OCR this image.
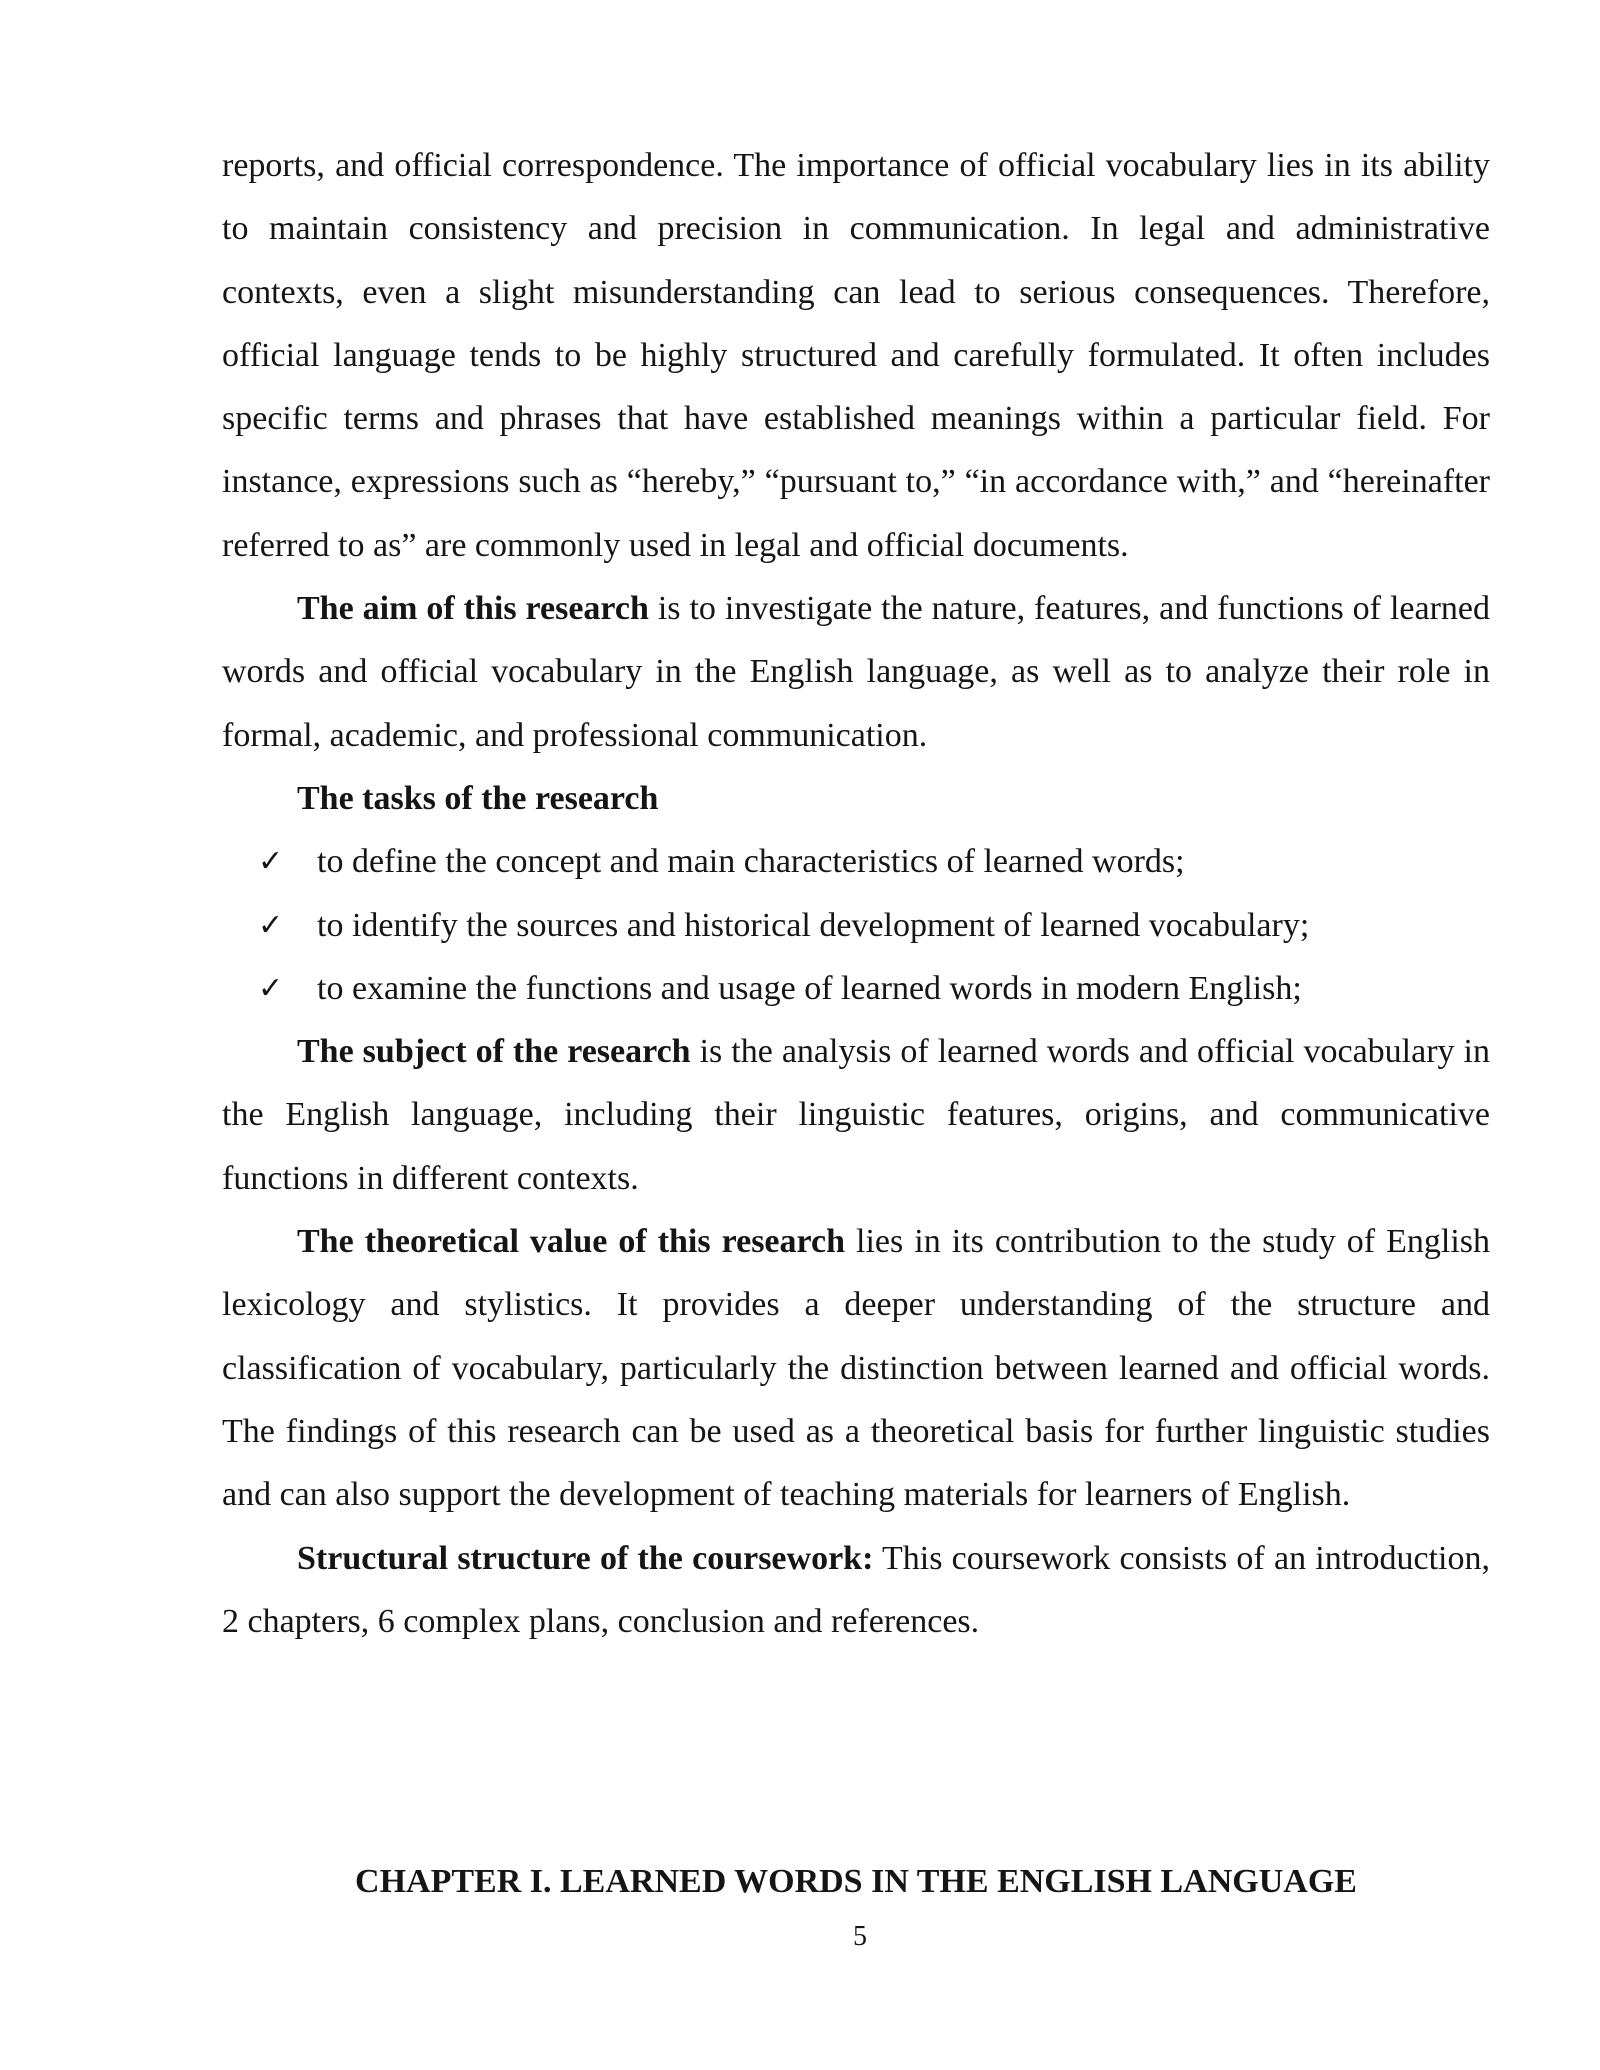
reports, and official correspondence. The importance of official vocabulary lies in its ability to maintain consistency and precision in communication. In legal and administrative contexts, even a slight misunderstanding can lead to serious consequences. Therefore, official language tends to be highly structured and carefully formulated. It often includes specific terms and phrases that have established meanings within a particular field. For instance, expressions such as “hereby,” “pursuant to,” “in accordance with,” and “hereinafter referred to as” are commonly used in legal and official documents.

The aim of this research is to investigate the nature, features, and functions of learned words and official vocabulary in the English language, as well as to analyze their role in formal, academic, and professional communication.

The tasks of the research

✓ to define the concept and main characteristics of learned words;
✓ to identify the sources and historical development of learned vocabulary;
✓ to examine the functions and usage of learned words in modern English;

The subject of the research is the analysis of learned words and official vocabulary in the English language, including their linguistic features, origins, and communicative functions in different contexts.

The theoretical value of this research lies in its contribution to the study of English lexicology and stylistics. It provides a deeper understanding of the structure and classification of vocabulary, particularly the distinction between learned and official words. The findings of this research can be used as a theoretical basis for further linguistic studies and can also support the development of teaching materials for learners of English.

Structural structure of the coursework: This coursework consists of an introduction, 2 chapters, 6 complex plans, conclusion and references.

CHAPTER I. LEARNED WORDS IN THE ENGLISH LANGUAGE
5
